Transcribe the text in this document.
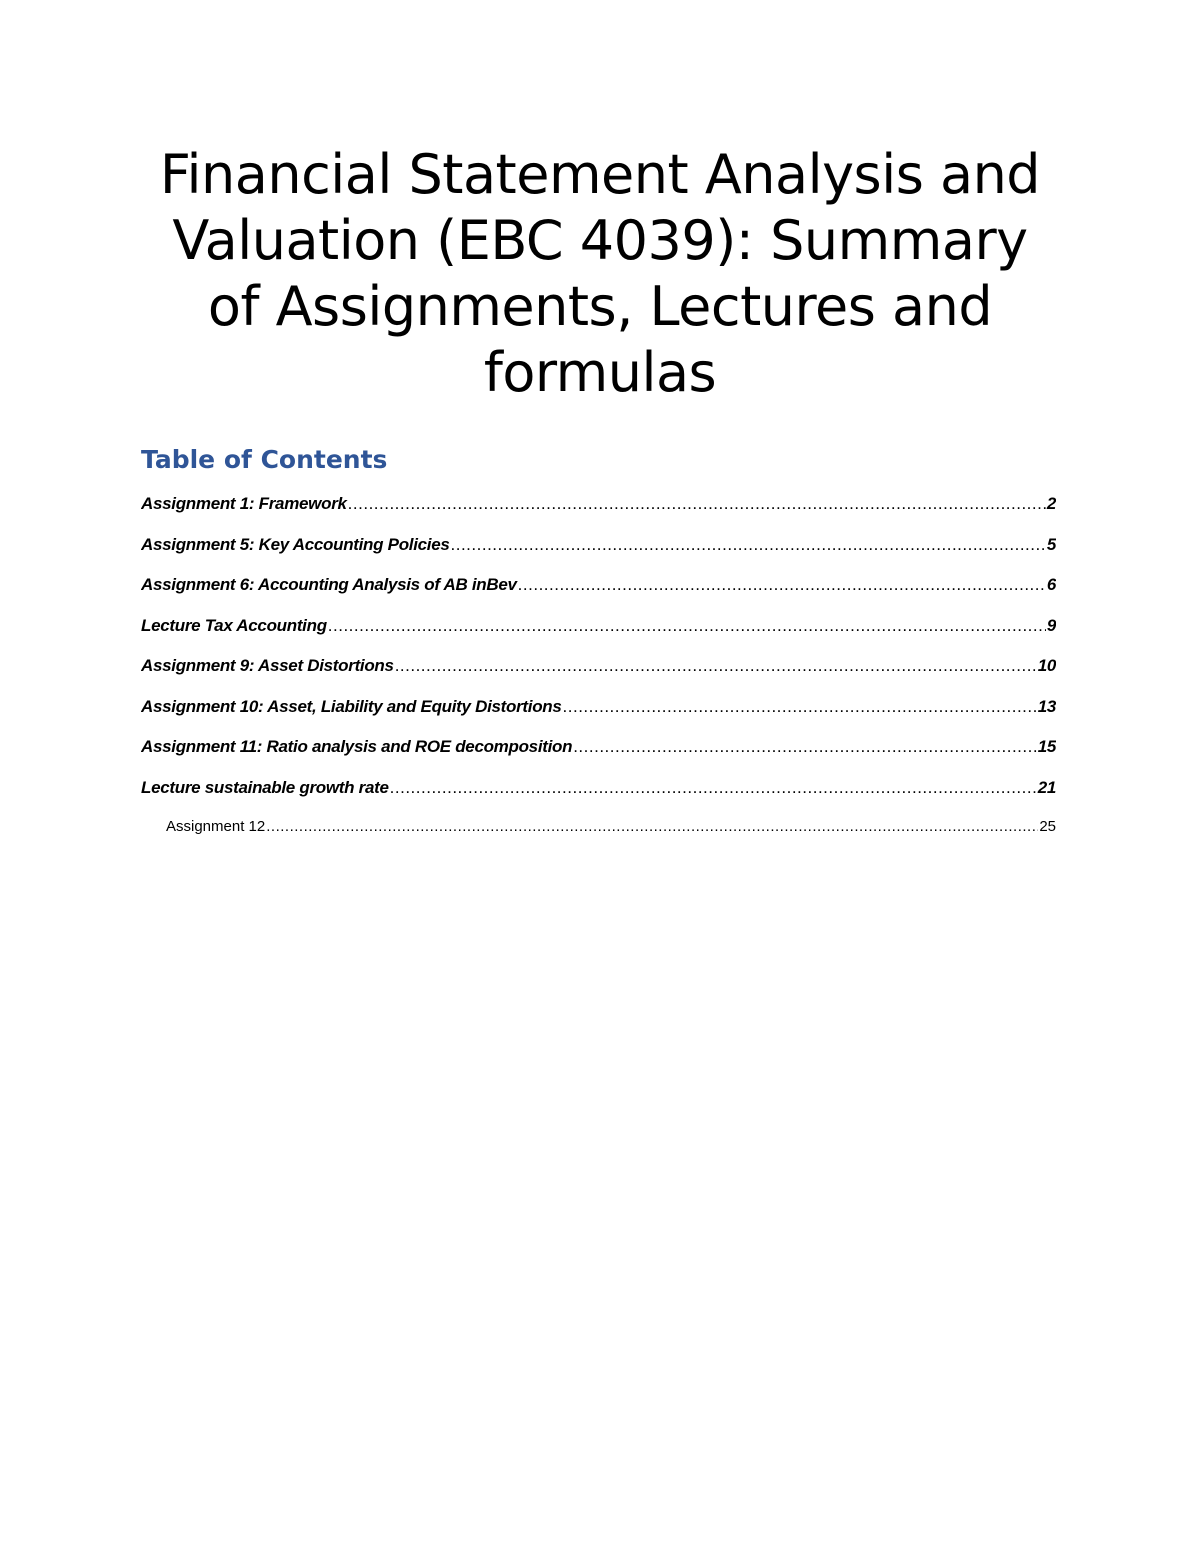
Financial Statement Analysis and
Valuation (EBC 4039): Summary
of Assignments, Lectures and
formulas
Table of Contents
Assignment 1: Framework .....	2
Assignment 5: Key Accounting Policies .....	5
Assignment 6: Accounting Analysis of AB inBev .....	6
Lecture Tax Accounting .....	9
Assignment 9: Asset Distortions .....	10
Assignment 10: Asset, Liability and Equity Distortions .....	13
Assignment 11: Ratio analysis and ROE decomposition .....	15
Lecture sustainable growth rate .....	21
Assignment 12 .....	25
